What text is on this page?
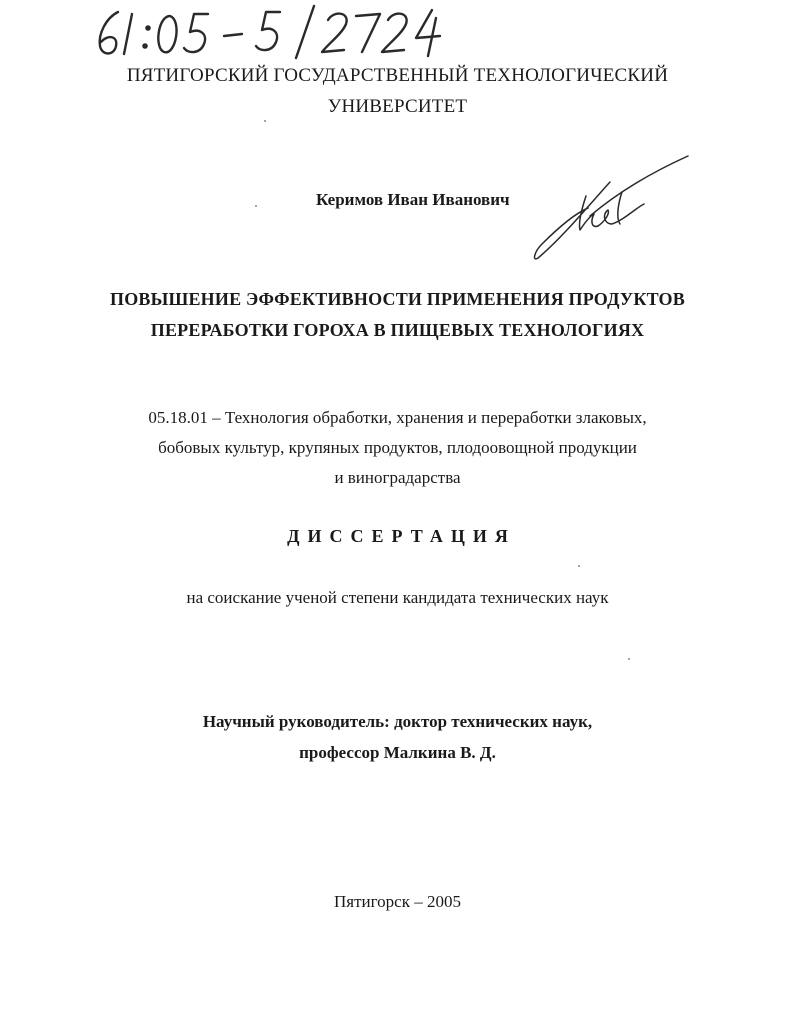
ПЯТИГОРСКИЙ ГОСУДАРСТВЕННЫЙ ТЕХНОЛОГИЧЕСКИЙ
УНИВЕРСИТЕТ
Керимов Иван Иванович
ПОВЫШЕНИЕ ЭФФЕКТИВНОСТИ ПРИМЕНЕНИЯ ПРОДУКТОВ
ПЕРЕРАБОТКИ ГОРОХА В ПИЩЕВЫХ ТЕХНОЛОГИЯХ
05.18.01 – Технология обработки, хранения и переработки злаковых,
бобовых культур, крупяных продуктов, плодоовощной продукции
и виноградарства
ДИССЕРТАЦИЯ
на соискание ученой степени кандидата технических наук
Научный руководитель: доктор технических наук,
профессор Малкина В. Д.
Пятигорск – 2005
